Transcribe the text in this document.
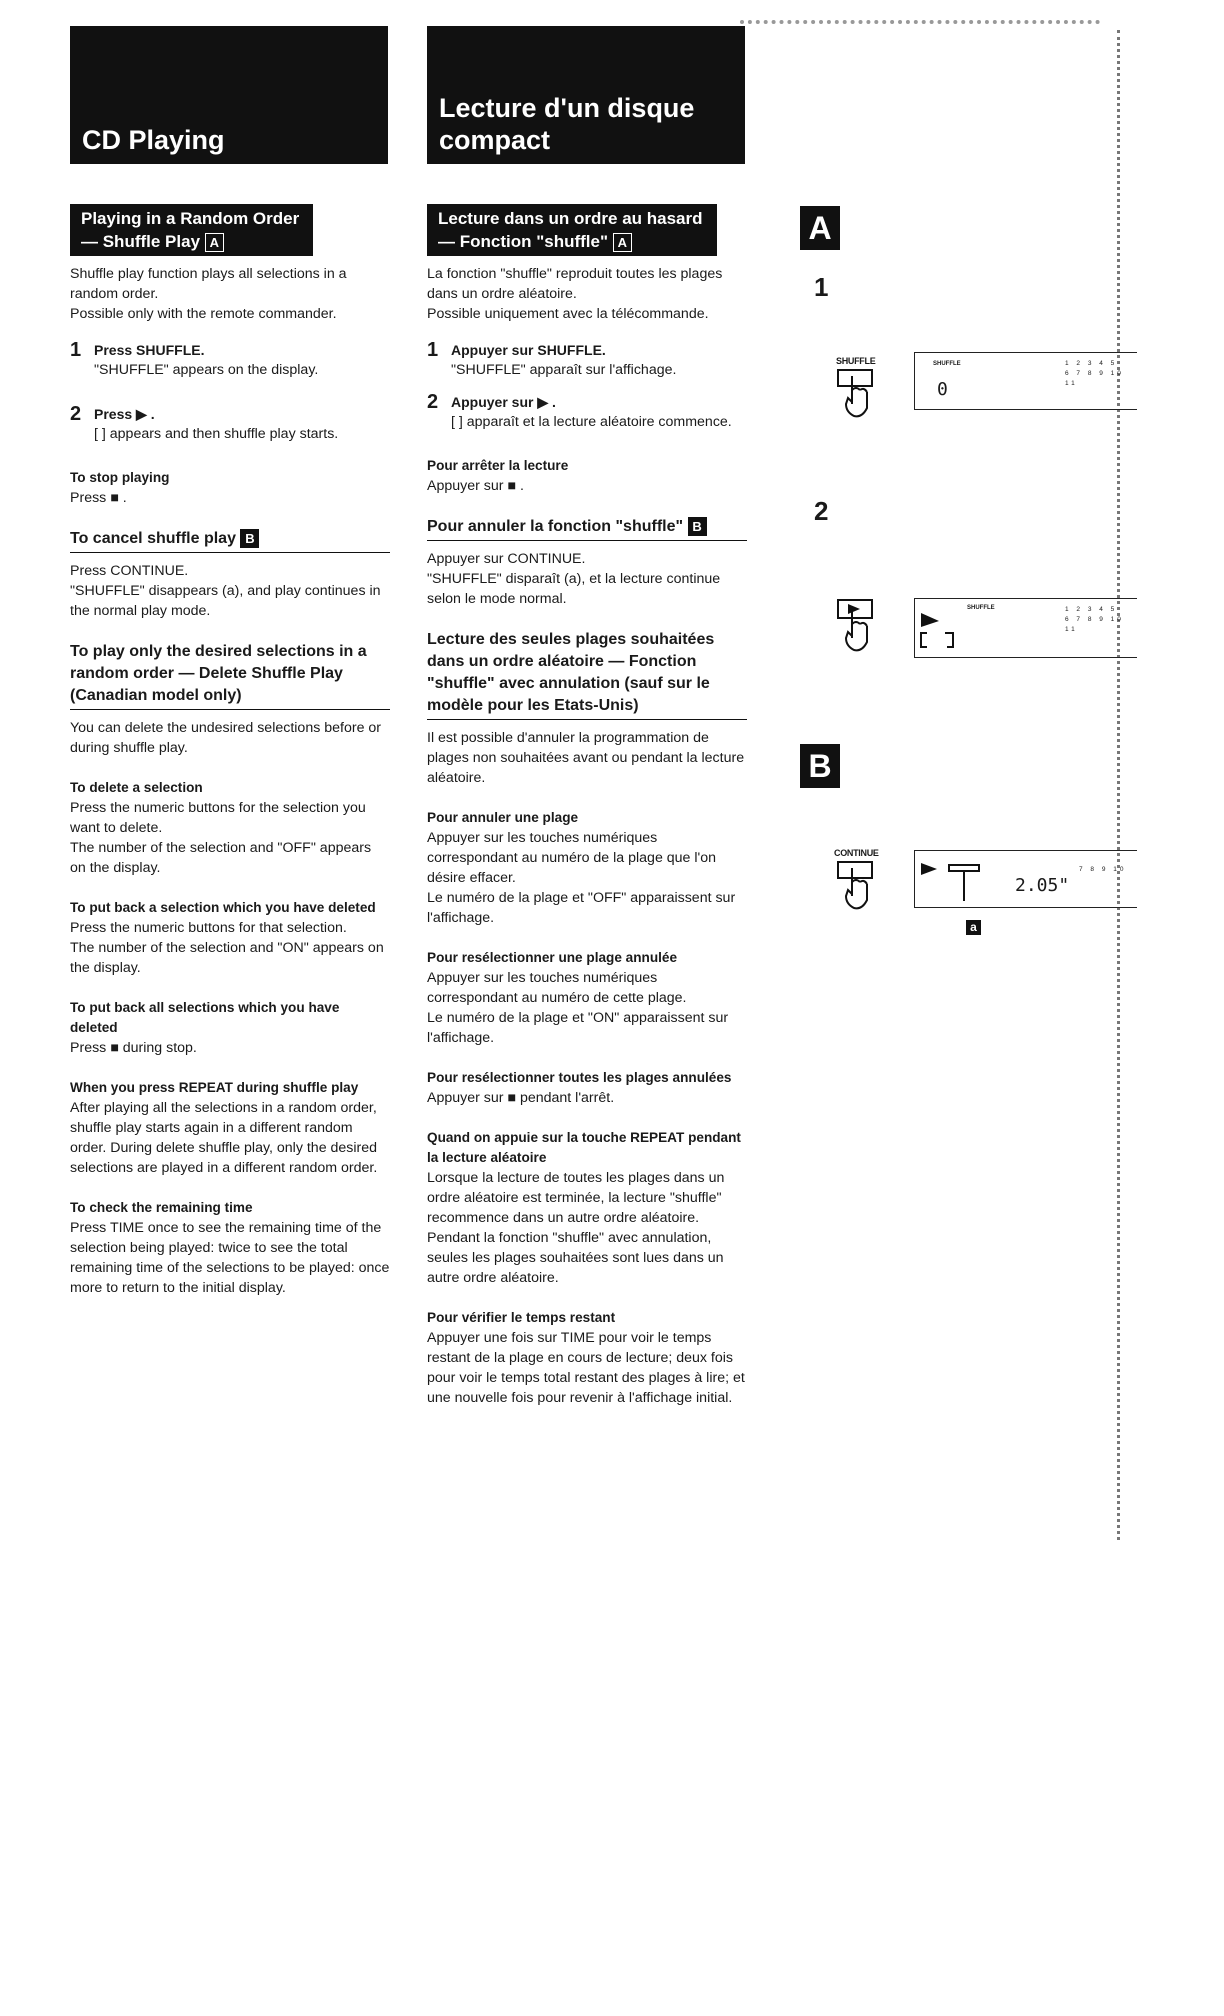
CD Playing
Playing in a Random Order
— Shuffle Play A

Shuffle play function plays all selections in a random order.

Possible only with the remote commander.

1 Press SHUFFLE.
"SHUFFLE" appears on the display.
2 Press ▶ .
[ ] appears and then shuffle play starts.
To stop playing

Press ■ .

To cancel shuffle play B

Press CONTINUE.

"SHUFFLE" disappears (a), and play continues in the normal play mode.

To play only the desired selections in a random order — Delete Shuffle Play (Canadian model only)

You can delete the undesired selections before or during shuffle play.

To delete a selection

Press the numeric buttons for the selection you want to delete.

The number of the selection and "OFF" appears on the display.

To put back a selection which you have deleted

Press the numeric buttons for that selection.

The number of the selection and "ON" appears on the display.

To put back all selections which you have deleted

Press ■ during stop.

When you press REPEAT during shuffle play

After playing all the selections in a random order, shuffle play starts again in a different random order. During delete shuffle play, only the desired selections are played in a different random order.

To check the remaining time

Press TIME once to see the remaining time of the selection being played: twice to see the total remaining time of the selections to be played: once more to return to the initial display.

Lecture d'un disque compact
Lecture dans un ordre au hasard
— Fonction "shuffle" A

La fonction "shuffle" reproduit toutes les plages dans un ordre aléatoire.

Possible uniquement avec la télécommande.

1 Appuyer sur SHUFFLE.
"SHUFFLE" apparaît sur l'affichage.
2 Appuyer sur ▶ .
[ ] apparaît et la lecture aléatoire commence.
Pour arrêter la lecture

Appuyer sur ■ .

Pour annuler la fonction "shuffle" B

Appuyer sur CONTINUE.

"SHUFFLE" disparaît (a), et la lecture continue selon le mode normal.

Lecture des seules plages souhaitées dans un ordre aléatoire — Fonction "shuffle" avec annulation (sauf sur le modèle pour les Etats-Unis)

Il est possible d'annuler la programmation de plages non souhaitées avant ou pendant la lecture aléatoire.

Pour annuler une plage

Appuyer sur les touches numériques correspondant au numéro de la plage que l'on désire effacer.

Le numéro de la plage et "OFF" apparaissent sur l'affichage.

Pour resélectionner une plage annulée

Appuyer sur les touches numériques correspondant au numéro de cette plage.

Le numéro de la plage et "ON" apparaissent sur l'affichage.

Pour resélectionner toutes les plages annulées

Appuyer sur ■ pendant l'arrêt.

Quand on appuie sur la touche REPEAT pendant la lecture aléatoire

Lorsque la lecture de toutes les plages dans un ordre aléatoire est terminée, la lecture "shuffle" recommence dans un autre ordre aléatoire. Pendant la fonction "shuffle" avec annulation, seules les plages souhaitées sont lues dans un autre ordre aléatoire.

Pour vérifier le temps restant

Appuyer une fois sur TIME pour voir le temps restant de la plage en cours de lecture; deux fois pour voir le temps total restant des plages à lire; et une nouvelle fois pour revenir à l'affichage initial.

A
1
SHUFFLE	SHUFFLE	1 2 3 4 5
6 7 8 9 10
11
0
2
SHUFFLE	1 2 3 4 5
6 7 8 9 10
11
B
CONTINUE
7 8 9 10
2.05"
a
